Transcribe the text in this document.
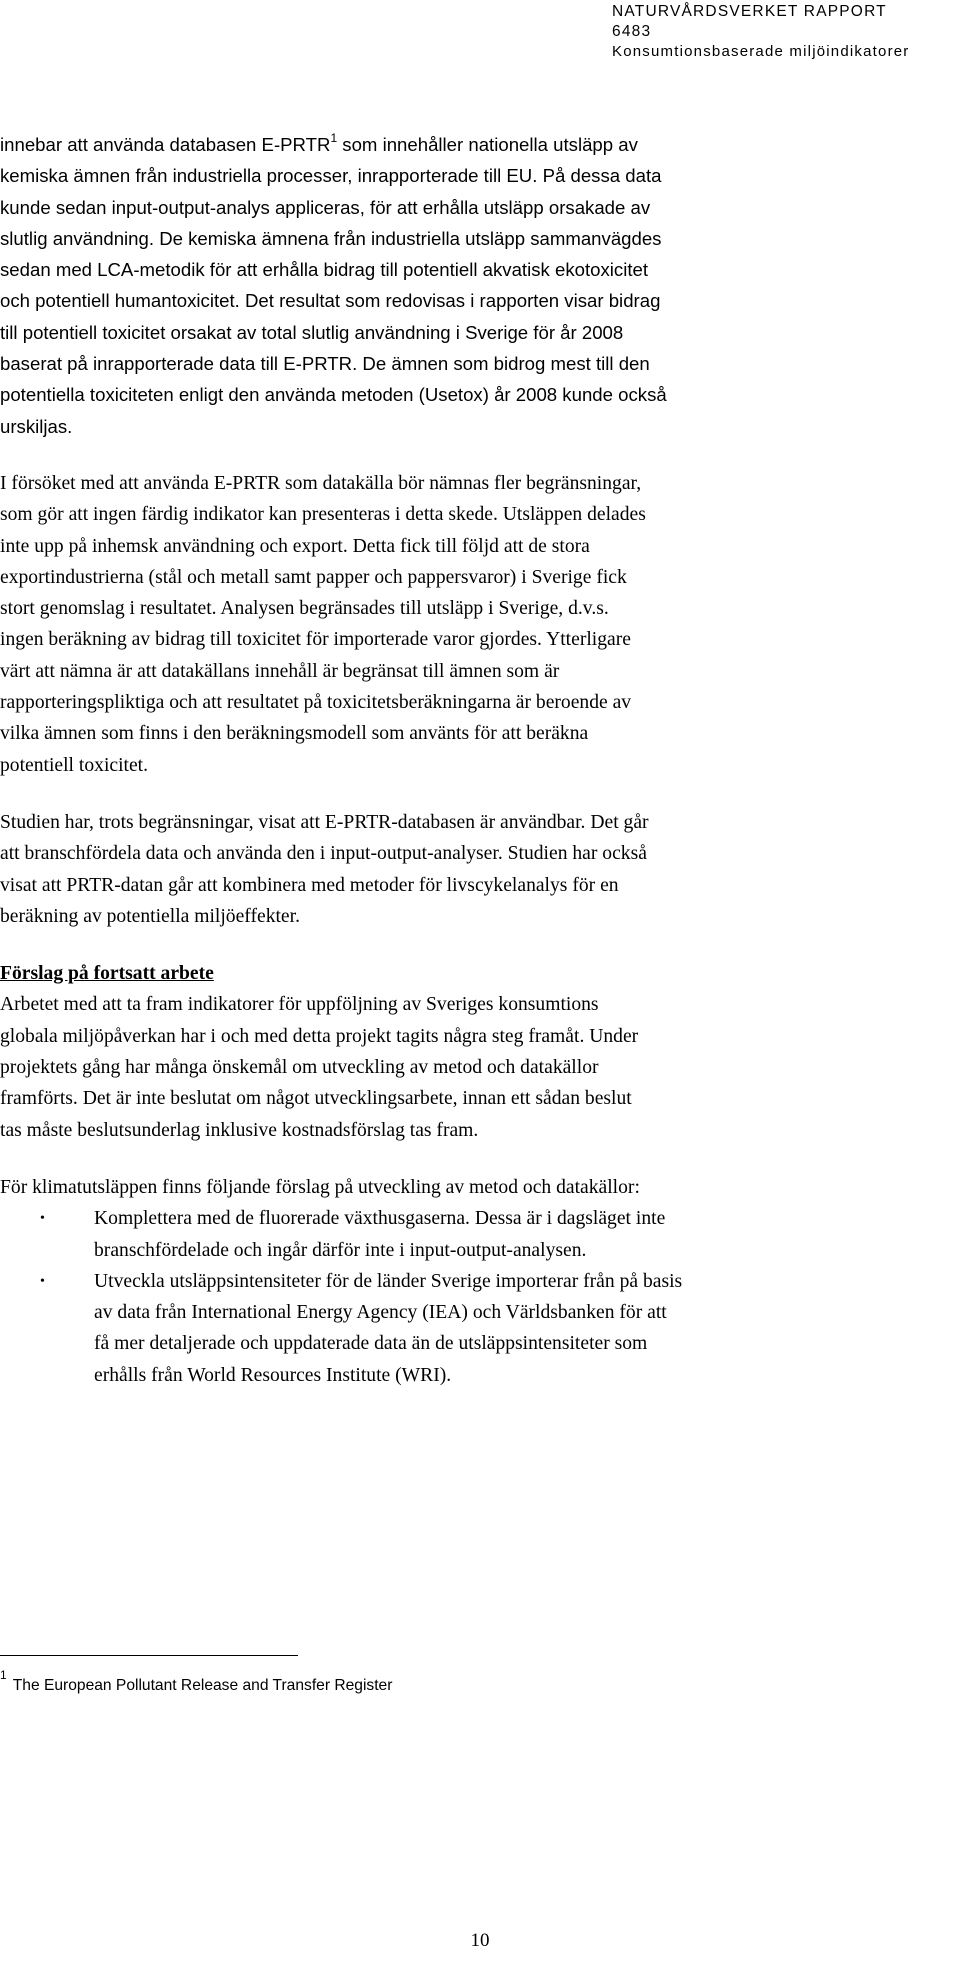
NATURVÅRDSVERKET RAPPORT 6483
Konsumtionsbaserade miljöindikatorer
innebar att använda databasen E-PRTR$^1$ som innehåller nationella utsläpp av
kemiska ämnen från industriella processer, inrapporterade till EU. På dessa data
kunde sedan input-output-analys appliceras, för att erhålla utsläpp orsakade av
slutlig användning. De kemiska ämnena från industriella utsläpp sammanvägdes
sedan med LCA-metodik för att erhålla bidrag till potentiell akvatisk ekotoxicitet
och potentiell humantoxicitet. Det resultat som redovisas i rapporten visar bidrag
till potentiell toxicitet orsakat av total slutlig användning i Sverige för år 2008
baserat på inrapporterade data till E-PRTR. De ämnen som bidrog mest till den
potentiella toxiciteten enligt den använda metoden (Usetox) år 2008 kunde också
urskiljas.
I försöket med att använda E-PRTR som datakälla bör nämnas fler begränsningar,
som gör att ingen färdig indikator kan presenteras i detta skede. Utsläppen delades
inte upp på inhemsk användning och export. Detta fick till följd att de stora
exportindustrierna (stål och metall samt papper och pappersvaror) i Sverige fick
stort genomslag i resultatet. Analysen begränsades till utsläpp i Sverige, d.v.s.
ingen beräkning av bidrag till toxicitet för importerade varor gjordes. Ytterligare
värt att nämna är att datakällans innehåll är begränsat till ämnen som är
rapporteringspliktiga och att resultatet på toxicitetsberäkningarna är beroende av
vilka ämnen som finns i den beräkningsmodell som använts för att beräkna
potentiell toxicitet.
Studien har, trots begränsningar, visat att E-PRTR-databasen är användbar. Det går
att branschfördela data och använda den i input-output-analyser. Studien har också
visat att PRTR-datan går att kombinera med metoder för livscykelanalys för en
beräkning av potentiella miljöeffekter.
Förslag på fortsatt arbete
Arbetet med att ta fram indikatorer för uppföljning av Sveriges konsumtions
globala miljöpåverkan har i och med detta projekt tagits några steg framåt. Under
projektets gång har många önskemål om utveckling av metod och datakällor
framförts. Det är inte beslutat om något utvecklingsarbete, innan ett sådan beslut
tas måste beslutsunderlag inklusive kostnadsförslag tas fram.
För klimatutsläppen finns följande förslag på utveckling av metod och datakällor:
•	Komplettera med de fluorerade växthusgaserna. Dessa är i dagsläget inte
branschfördelade och ingår därför inte i input-output-analysen.
•	Utveckla utsläppsintensiteter för de länder Sverige importerar från på basis
av data från International Energy Agency (IEA) och Världsbanken för att
få mer detaljerade och uppdaterade data än de utsläppsintensiteter som
erhålls från World Resources Institute (WRI).
$^1$ The European Pollutant Release and Transfer Register
10
